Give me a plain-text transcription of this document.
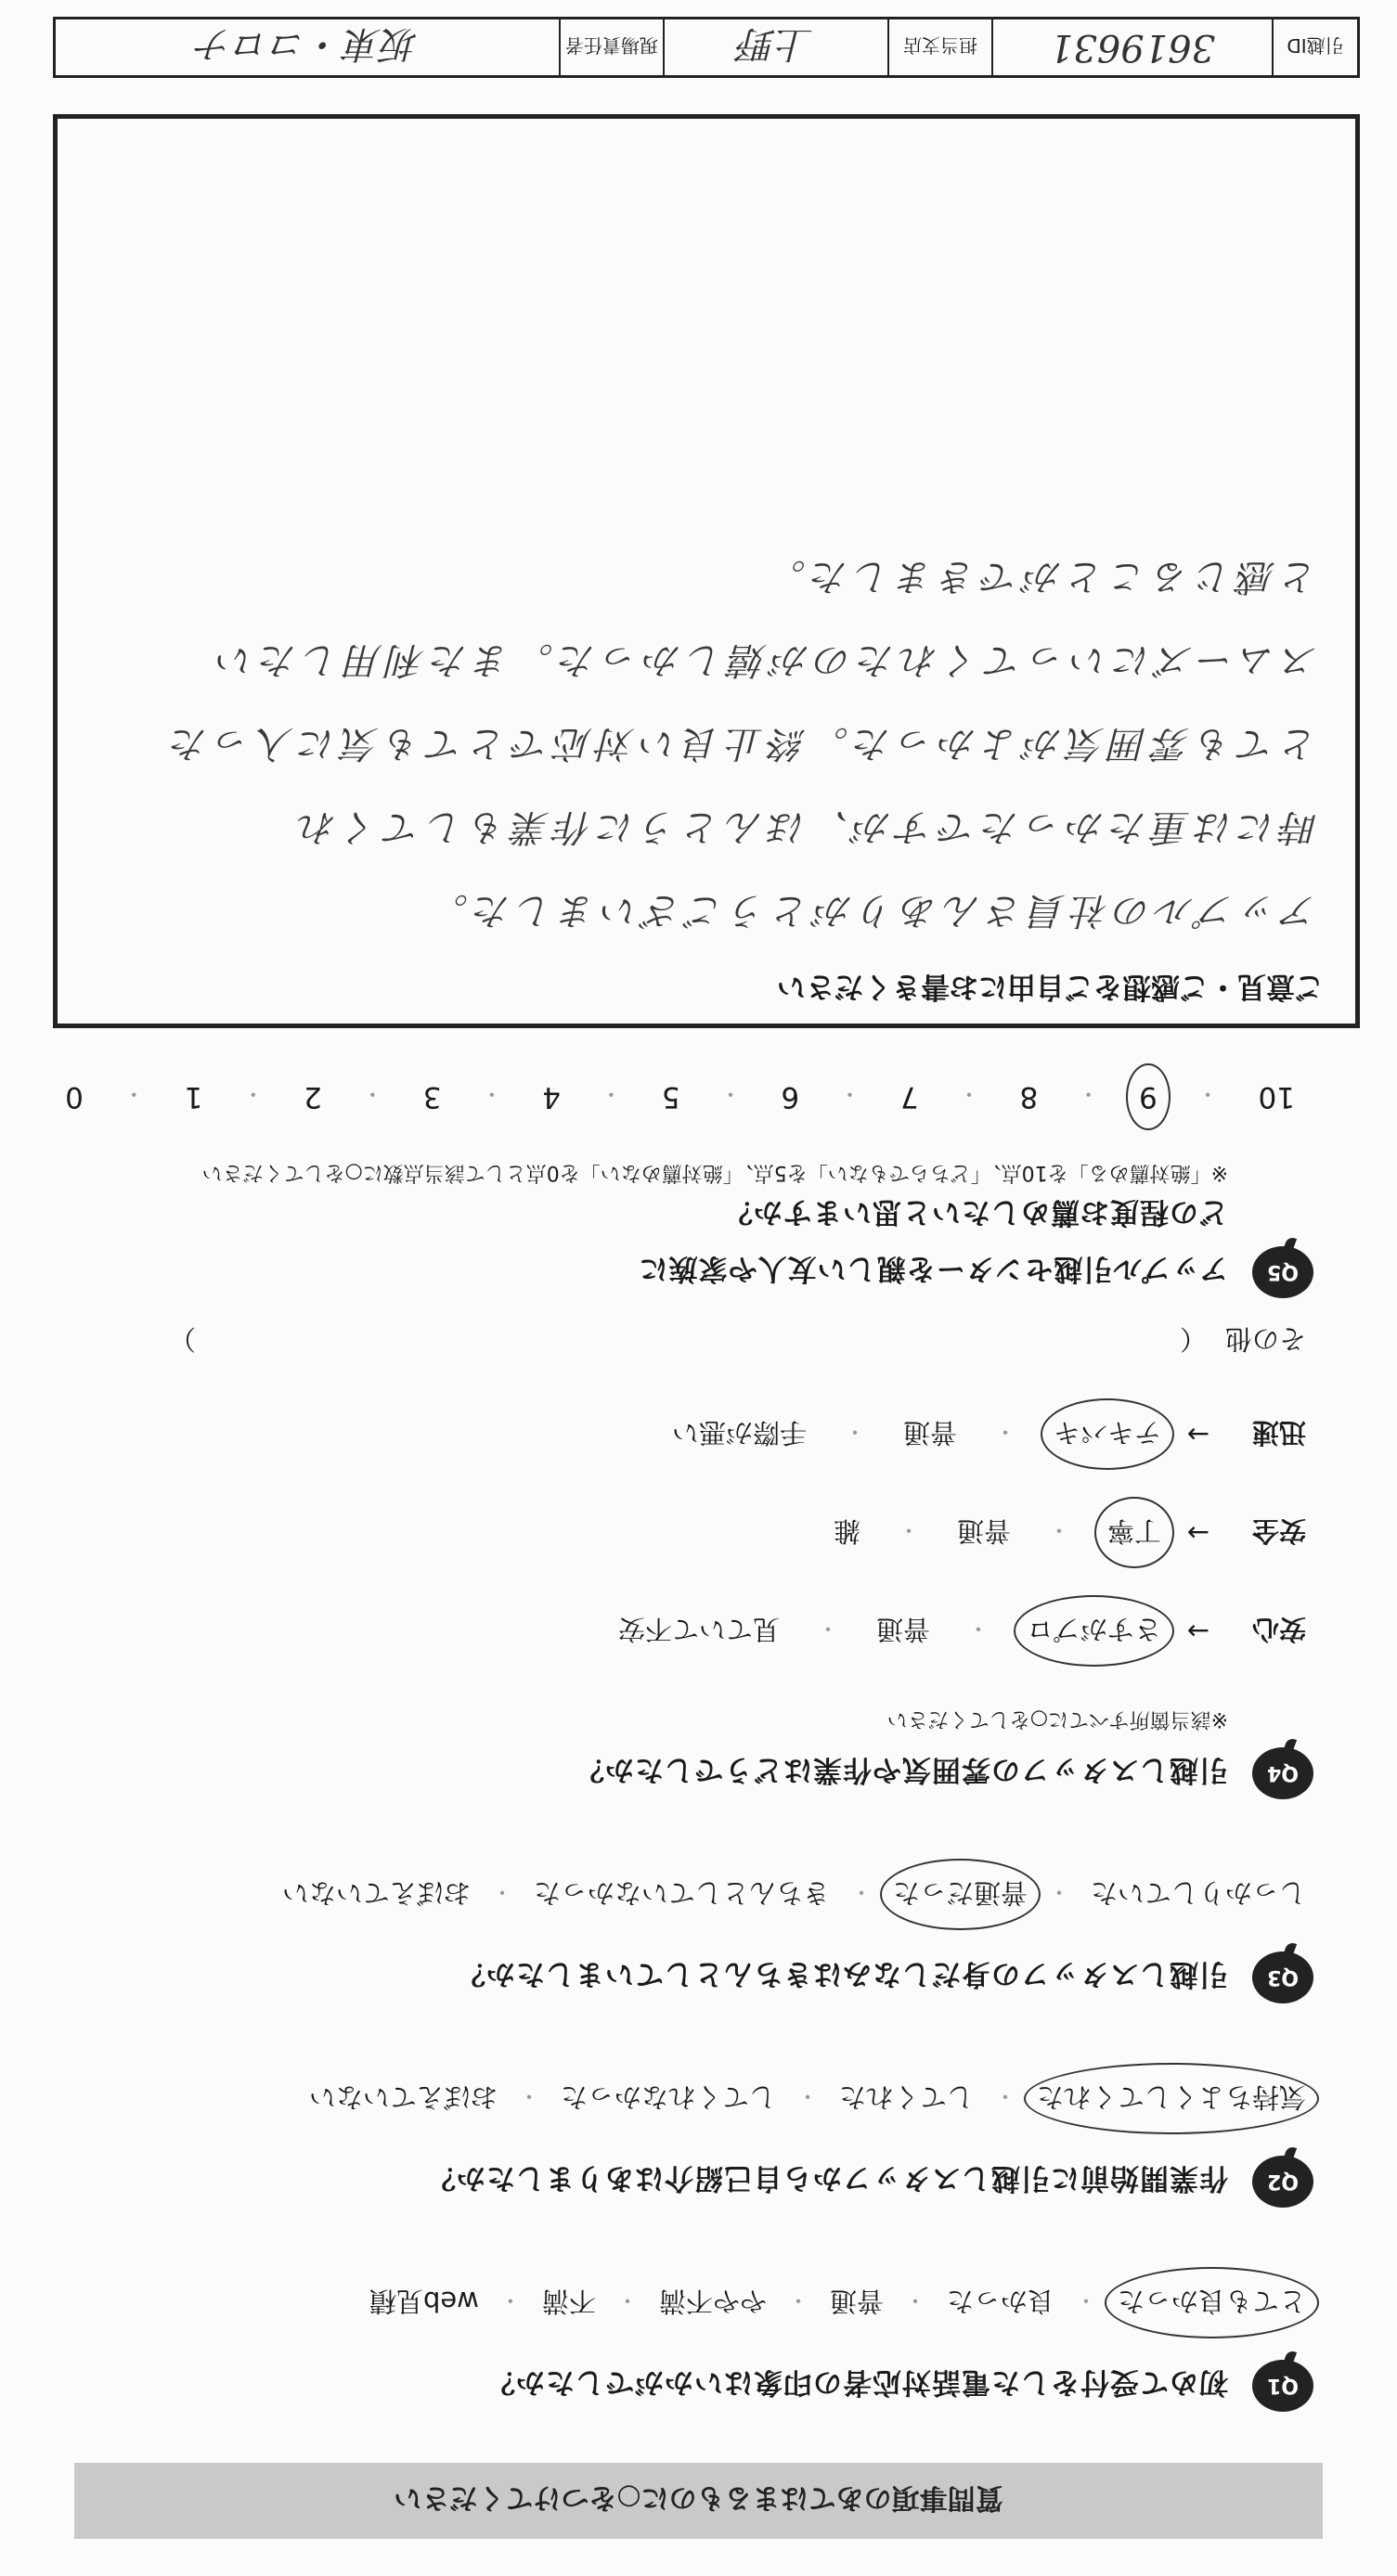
質問事項のあてはまるものに○をつけてください
Q1
初めて受付をした電話対応者の印象はいかがでしたか？
とても良かった
・
良かった
・
普通
・
やや不満
・
不満
・
web見積
Q2
作業開始前に引越しスタッフから自己紹介はありましたか？
気持ちよくしてくれた
・
してくれた
・
してくれなかった
・
おぼえていない
Q3
引越しスタッフの身だしなみはきちんとしていましたか？
しっかりしていた
・
普通だった
・
きちんとしていなかった
・
おぼえていない
Q4
引越しスタッフの雰囲気や作業はどうでしたか？
※該当箇所すべてに○をしてください
安心
→
さすがプロ
・
普通
・
見ていて不安
安全
→
丁寧
・
普通
・
雑
迅速
→
テキパキ
・
普通
・
手際が悪い
その他
（
）
Q5
アップル引越センターを親しい友人や家族に
どの程度お薦めしたいと思いますか？
※「絶対薦める」を10点、「どちらでもない」を5点、「絶対薦めない」を0点として該当点数に○をしてください
10
・
9
・
8
・
7
・
6
・
5
・
4
・
3
・
2
・
1
・
0
ご意見・ご感想をご自由にお書きください
アップルの社員さんありがとうございました。
時には重たかったですが、ほんとうに作業もしてくれ
とても雰囲気がよかった。終止良い対応でとても気に入った
スムーズにいってくれたのが嬉しかった。また利用したい
と感じることができました。
引越ID
3619631
担当支店
上野
現場責任者
坂東・コロナ
